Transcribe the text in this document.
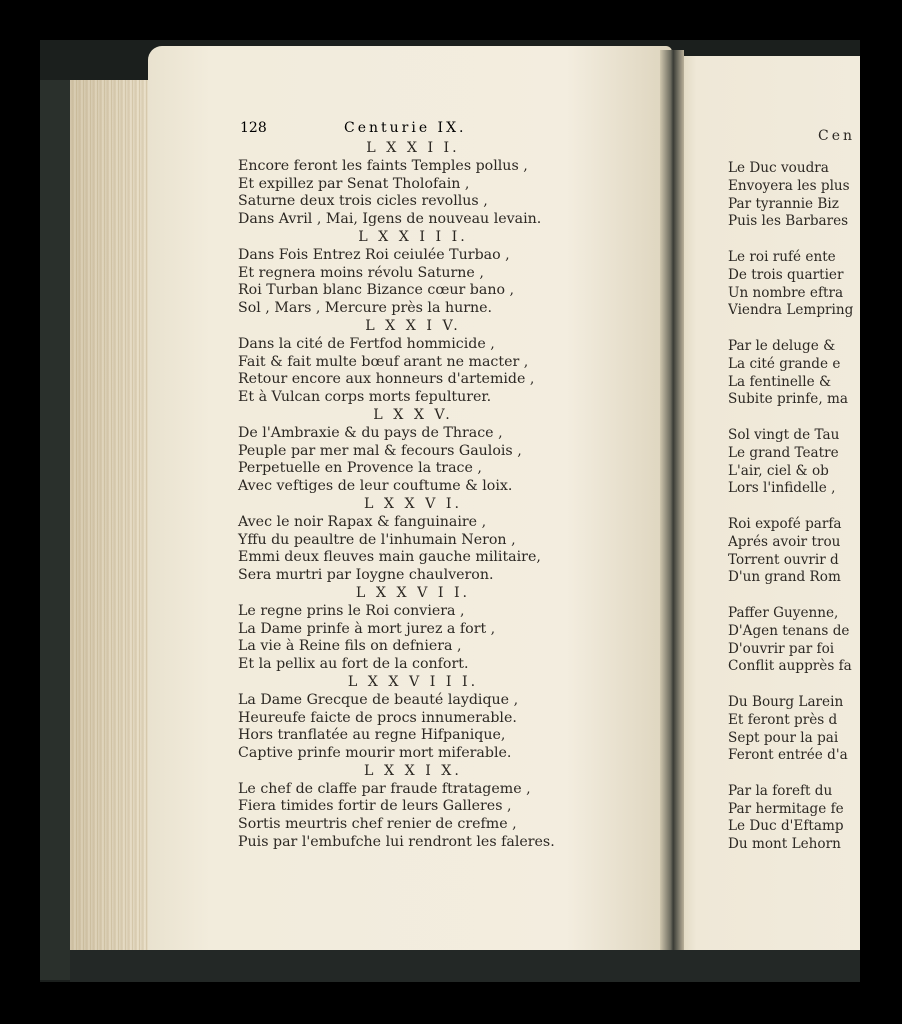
128	Centurie IX.
L X X I I.
Encore feront les faints Temples pollus ,
Et expillez par Senat Tholofain ,
Saturne deux trois cicles revollus ,
Dans Avril , Mai, Igens de nouveau levain.
L X X I I I.
Dans Fois Entrez Roi ceiulée Turbao ,
Et regnera moins révolu Saturne ,
Roi Turban blanc Bizance cœur bano ,
Sol , Mars , Mercure près la hurne.
L X X I V.
Dans la cité de Fertfod hommicide ,
Fait & fait multe bœuf arant ne macter ,
Retour encore aux honneurs d'artemide ,
Et à Vulcan corps morts fepulturer.
L X X V.
De l'Ambraxie & du pays de Thrace ,
Peuple par mer mal & fecours Gaulois ,
Perpetuelle en Provence la trace ,
Avec veftiges de leur couftume & loix.
L X X V I.
Avec le noir Rapax & fanguinaire ,
Yffu du peaultre de l'inhumain Neron ,
Emmi deux fleuves main gauche militaire,
Sera murtri par Ioygne chaulveron.
L X X V I I.
Le regne prins le Roi conviera ,
La Dame prinfe à mort jurez a fort ,
La vie à Reine fils on defniera ,
Et la pellix au fort de la confort.
L X X V I I I.
La Dame Grecque de beauté laydique ,
Heureufe faicte de procs innumerable.
Hors tranflatée au regne Hifpanique,
Captive prinfe mourir mort miferable.
L X X I X.
Le chef de claffe par fraude ftratageme ,
Fiera timides fortir de leurs Galleres ,
Sortis meurtris chef renier de crefme ,
Puis par l'embufche lui rendront les faleres.
Cen
Le Duc voudra
Envoyera les plus
Par tyrannie Biz
Puis les Barbares

Le roi rufé ente
De trois quartier
Un nombre eftra
Viendra Lempring

Par le deluge &
La cité grande e
La fentinelle &
Subite prinfe, ma

Sol vingt de Tau
Le grand Teatre
L'air, ciel & ob
Lors l'infidelle ,

Roi expofé parfa
Aprés avoir trou
Torrent ouvrir d
D'un grand Rom

Paffer Guyenne,
D'Agen tenans de
D'ouvrir par foi
Conflit aupprès fa

Du Bourg Larein
Et feront près d
Sept pour la pai
Feront entrée d'a

Par la foreft du
Par hermitage fe
Le Duc d'Eftamp
Du mont Lehorn
